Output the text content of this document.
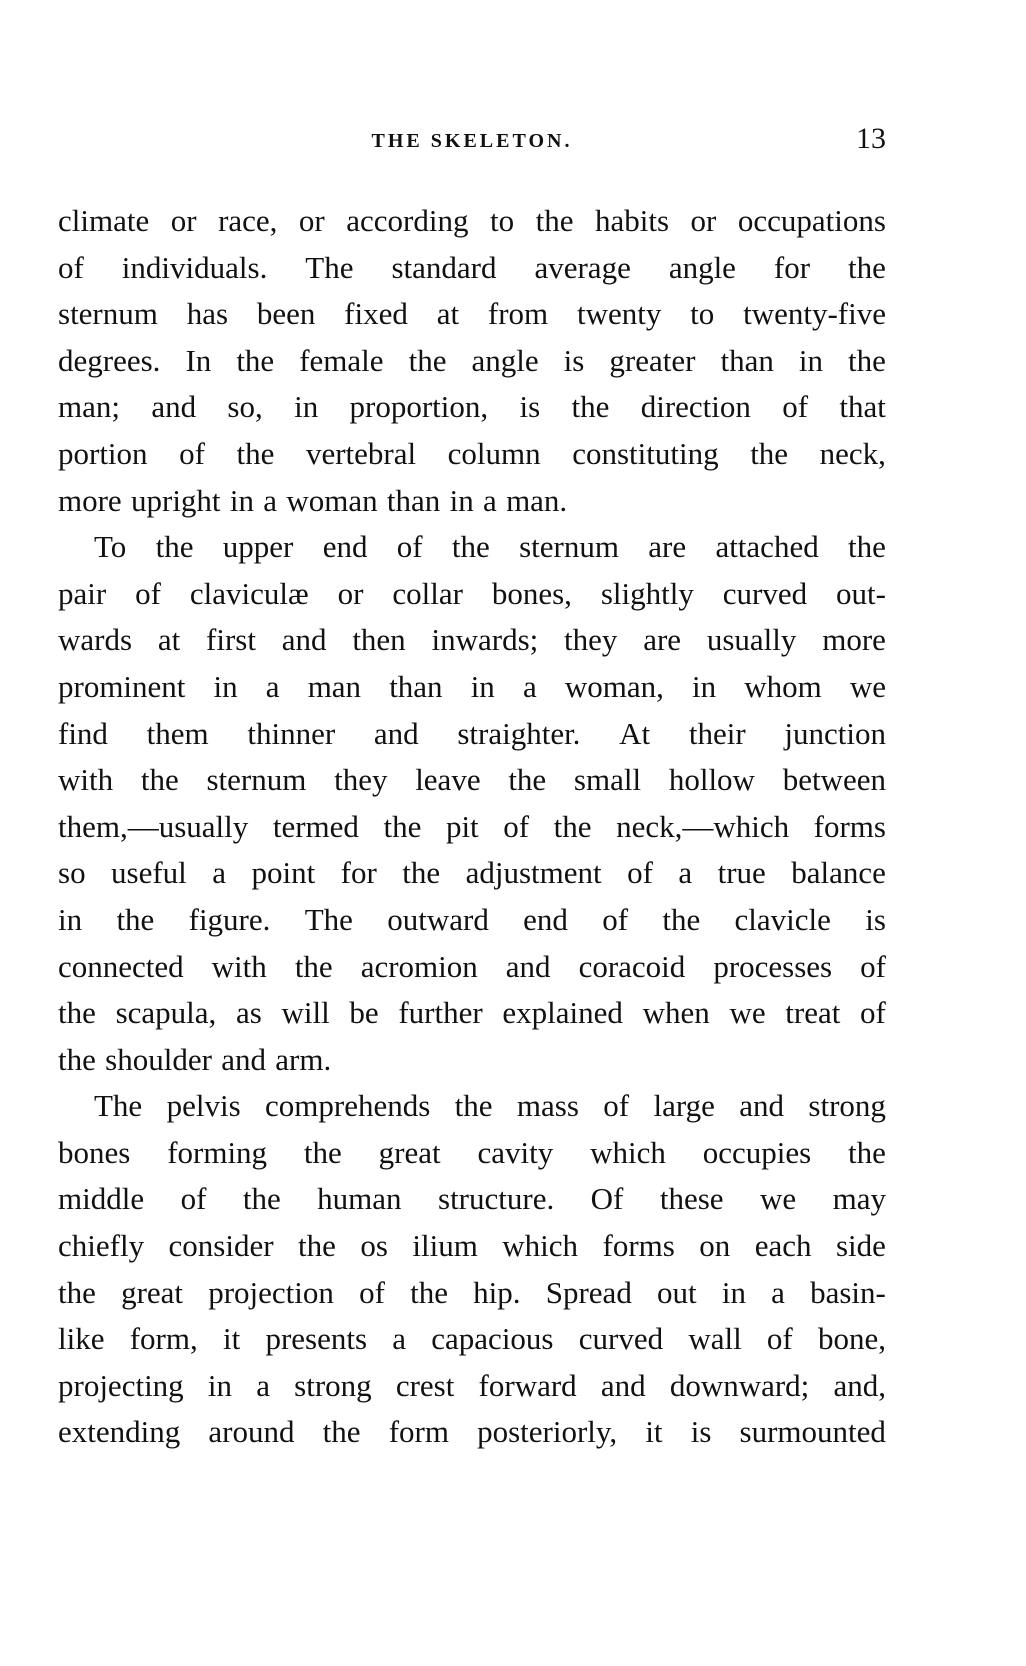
THE SKELETON.	13
climate or race, or according to the habits or occupations
of individuals. The standard average angle for the
sternum has been fixed at from twenty to twenty-five
degrees. In the female the angle is greater than in the
man; and so, in proportion, is the direction of that
portion of the vertebral column constituting the neck,
more upright in a woman than in a man.
To the upper end of the sternum are attached the
pair of claviculæ or collar bones, slightly curved out-
wards at first and then inwards; they are usually more
prominent in a man than in a woman, in whom we
find them thinner and straighter. At their junction
with the sternum they leave the small hollow between
them,—usually termed the pit of the neck,—which forms
so useful a point for the adjustment of a true balance
in the figure. The outward end of the clavicle is
connected with the acromion and coracoid processes of
the scapula, as will be further explained when we treat of
the shoulder and arm.
The pelvis comprehends the mass of large and strong
bones forming the great cavity which occupies the
middle of the human structure. Of these we may
chiefly consider the os ilium which forms on each side
the great projection of the hip. Spread out in a basin-
like form, it presents a capacious curved wall of bone,
projecting in a strong crest forward and downward; and,
extending around the form posteriorly, it is surmounted
